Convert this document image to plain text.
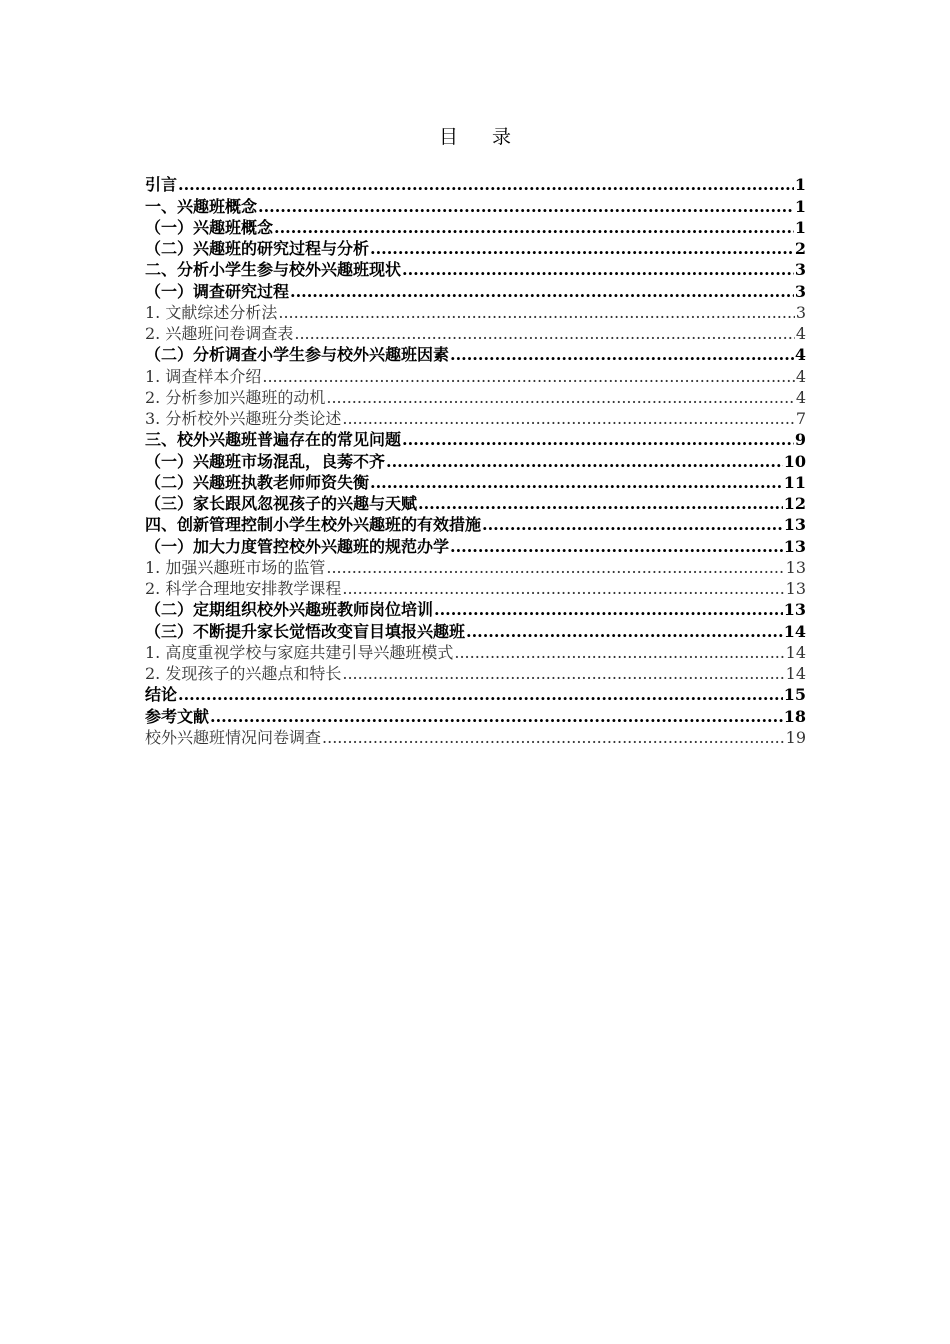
目录
引言 .....	1
一、兴趣班概念 .....	1
（一）兴趣班概念 .....	1
（二）兴趣班的研究过程与分析 .....	2
二、分析小学生参与校外兴趣班现状 .....	3
（一）调查研究过程 .....	3
1. 文献综述分析法 .....	3
2. 兴趣班问卷调查表 .....	4
（二）分析调查小学生参与校外兴趣班因素 .....	4
1. 调查样本介绍 .....	4
2. 分析参加兴趣班的动机 .....	4
3. 分析校外兴趣班分类论述 .....	7
三、校外兴趣班普遍存在的常见问题 .....	9
（一）兴趣班市场混乱，良莠不齐 .....	10
（二）兴趣班执教老师师资失衡 .....	11
（三）家长跟风忽视孩子的兴趣与天赋 .....	12
四、创新管理控制小学生校外兴趣班的有效措施 .....	13
（一）加大力度管控校外兴趣班的规范办学 .....	13
1. 加强兴趣班市场的监管 .....	13
2. 科学合理地安排教学课程 .....	13
（二）定期组织校外兴趣班教师岗位培训 .....	13
（三）不断提升家长觉悟改变盲目填报兴趣班 .....	14
1. 高度重视学校与家庭共建引导兴趣班模式 .....	14
2. 发现孩子的兴趣点和特长 .....	14
结论 .....	15
参考文献 .....	18
校外兴趣班情况问卷调查 .....	19
